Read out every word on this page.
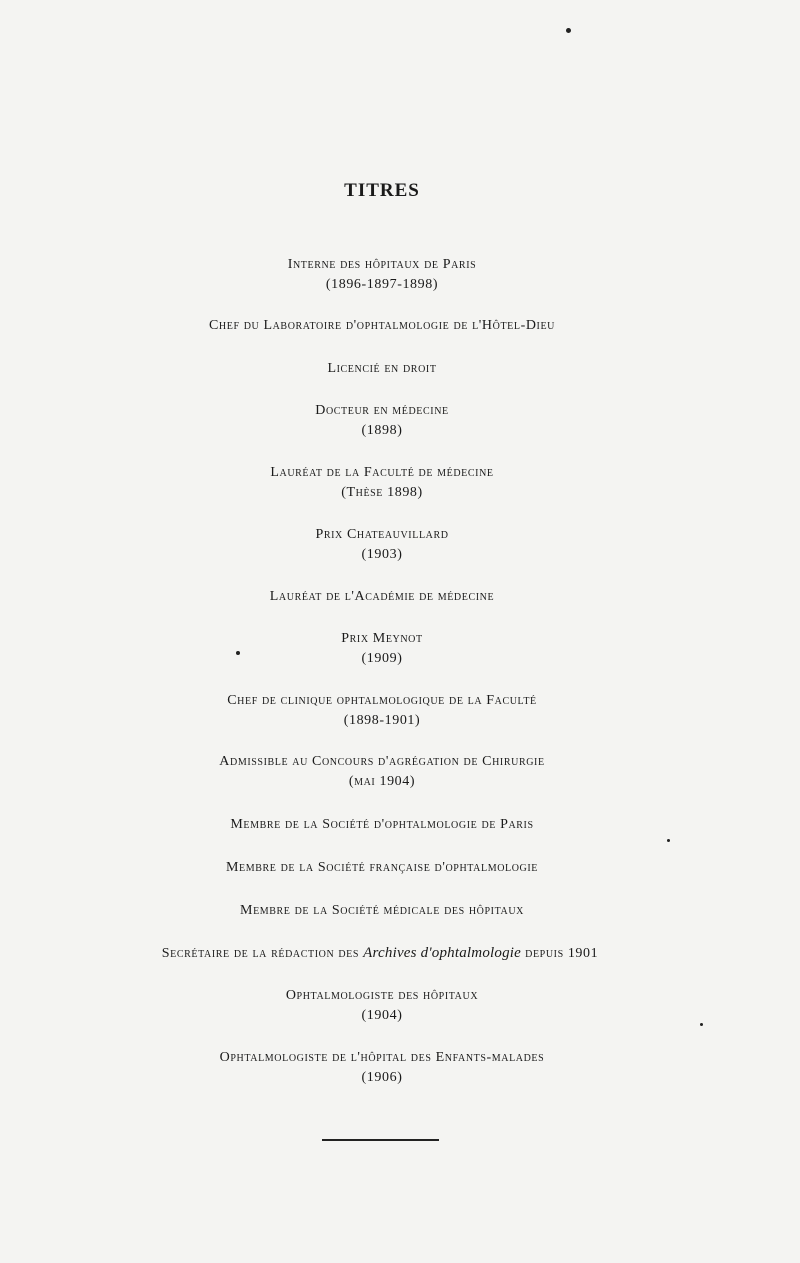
TITRES
Interne des hôpitaux de Paris
(1896-1897-1898)
Chef du Laboratoire d'ophtalmologie de l'Hôtel-Dieu
Licencié en droit
Docteur en médecine
(1898)
Lauréat de la Faculté de médecine
(Thèse 1898)
Prix Chateauvillard
(1903)
Lauréat de l'Académie de médecine
Prix Meynot
(1909)
Chef de clinique ophtalmologique de la Faculté
(1898-1901)
Admissible au Concours d'agrégation de Chirurgie
(mai 1904)
Membre de la Société d'ophtalmologie de Paris
Membre de la Société française d'ophtalmologie
Membre de la Société médicale des hôpitaux
Secrétaire de la rédaction des Archives d'ophtalmologie depuis 1901
Ophtalmologiste des hôpitaux
(1904)
Ophtalmologiste de l'hôpital des Enfants-malades
(1906)
